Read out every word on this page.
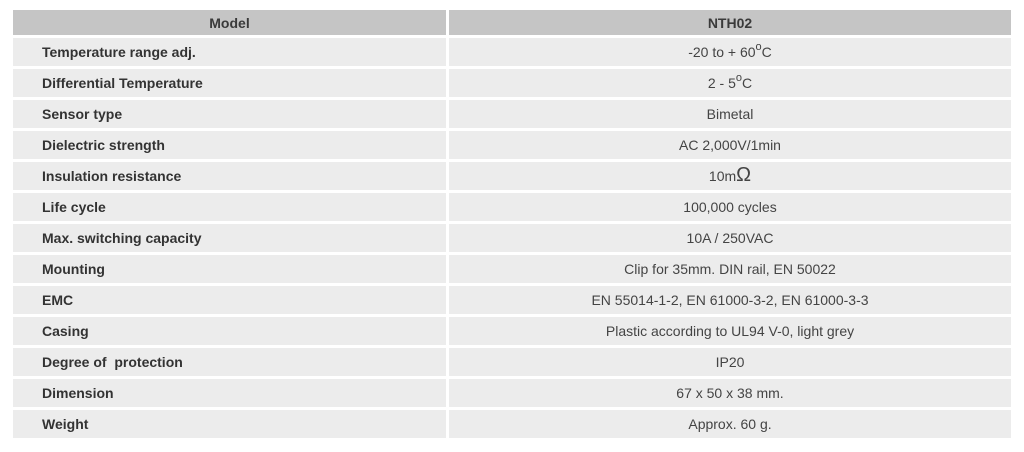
Model	NTH02
Temperature range adj.	-20 to + $60^oC$
Differential Temperature	2 - 5$^o$C
Sensor type	Bimetal
Dielectric strength	AC 2,000V/1min
Insulation resistance	10mΩ
Life cycle	100,000 cycles
Max. switching capacity	10A / 250VAC
Mounting	Clip for 35mm. DIN rail, EN 50022
EMC	EN 55014-1-2, EN 61000-3-2, EN 61000-3-3
Casing	Plastic according to UL94 V-0, light grey
Degree of  protection	IP20
Dimension	67 x 50 x 38 mm.
Weight	Approx. 60 g.
